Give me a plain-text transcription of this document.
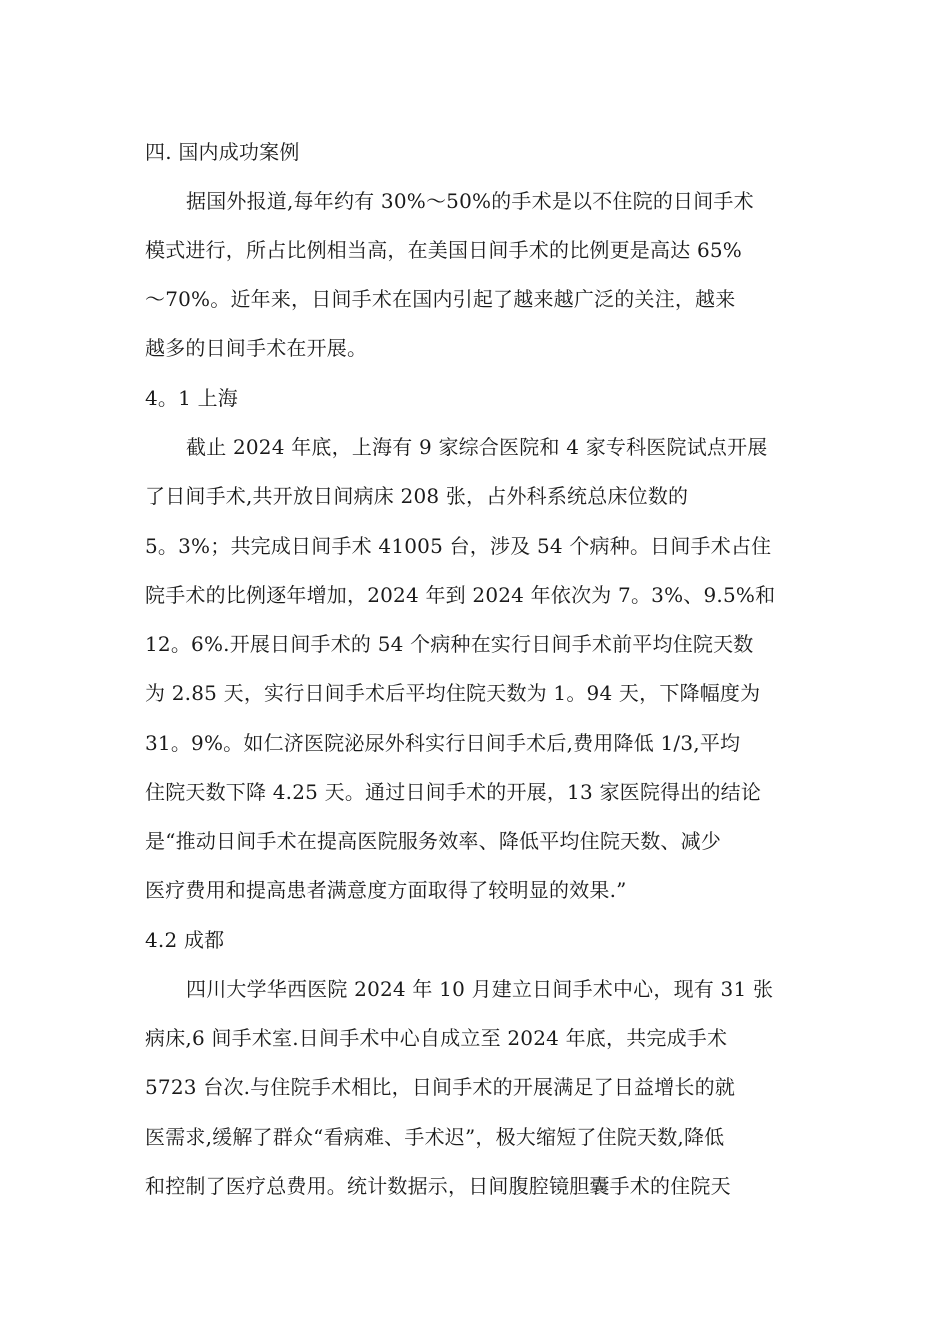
四. 国内成功案例
据国外报道,每年约有 30%～50%的手术是以不住院的日间手术
模式进行，所占比例相当高，在美国日间手术的比例更是高达 65%
～70%。近年来，日间手术在国内引起了越来越广泛的关注，越来
越多的日间手术在开展。
4。1 上海
截止 2024 年底，上海有 9 家综合医院和 4 家专科医院试点开展
了日间手术,共开放日间病床 208 张，占外科系统总床位数的
5。3%；共完成日间手术 41005 台，涉及 54 个病种。日间手术占住
院手术的比例逐年增加，2024 年到 2024 年依次为 7。3%、9.5%和
12。6%.开展日间手术的 54 个病种在实行日间手术前平均住院天数
为 2.85 天，实行日间手术后平均住院天数为 1。94 天，下降幅度为
31。9%。如仁济医院泌尿外科实行日间手术后,费用降低 1/3,平均
住院天数下降 4.25 天。通过日间手术的开展，13 家医院得出的结论
是“推动日间手术在提高医院服务效率、降低平均住院天数、减少
医疗费用和提高患者满意度方面取得了较明显的效果.”
4.2 成都
四川大学华西医院 2024 年 10 月建立日间手术中心，现有 31 张
病床,6 间手术室.日间手术中心自成立至 2024 年底，共完成手术
5723 台次.与住院手术相比，日间手术的开展满足了日益增长的就
医需求,缓解了群众“看病难、手术迟”，极大缩短了住院天数,降低
和控制了医疗总费用。统计数据示，日间腹腔镜胆囊手术的住院天
